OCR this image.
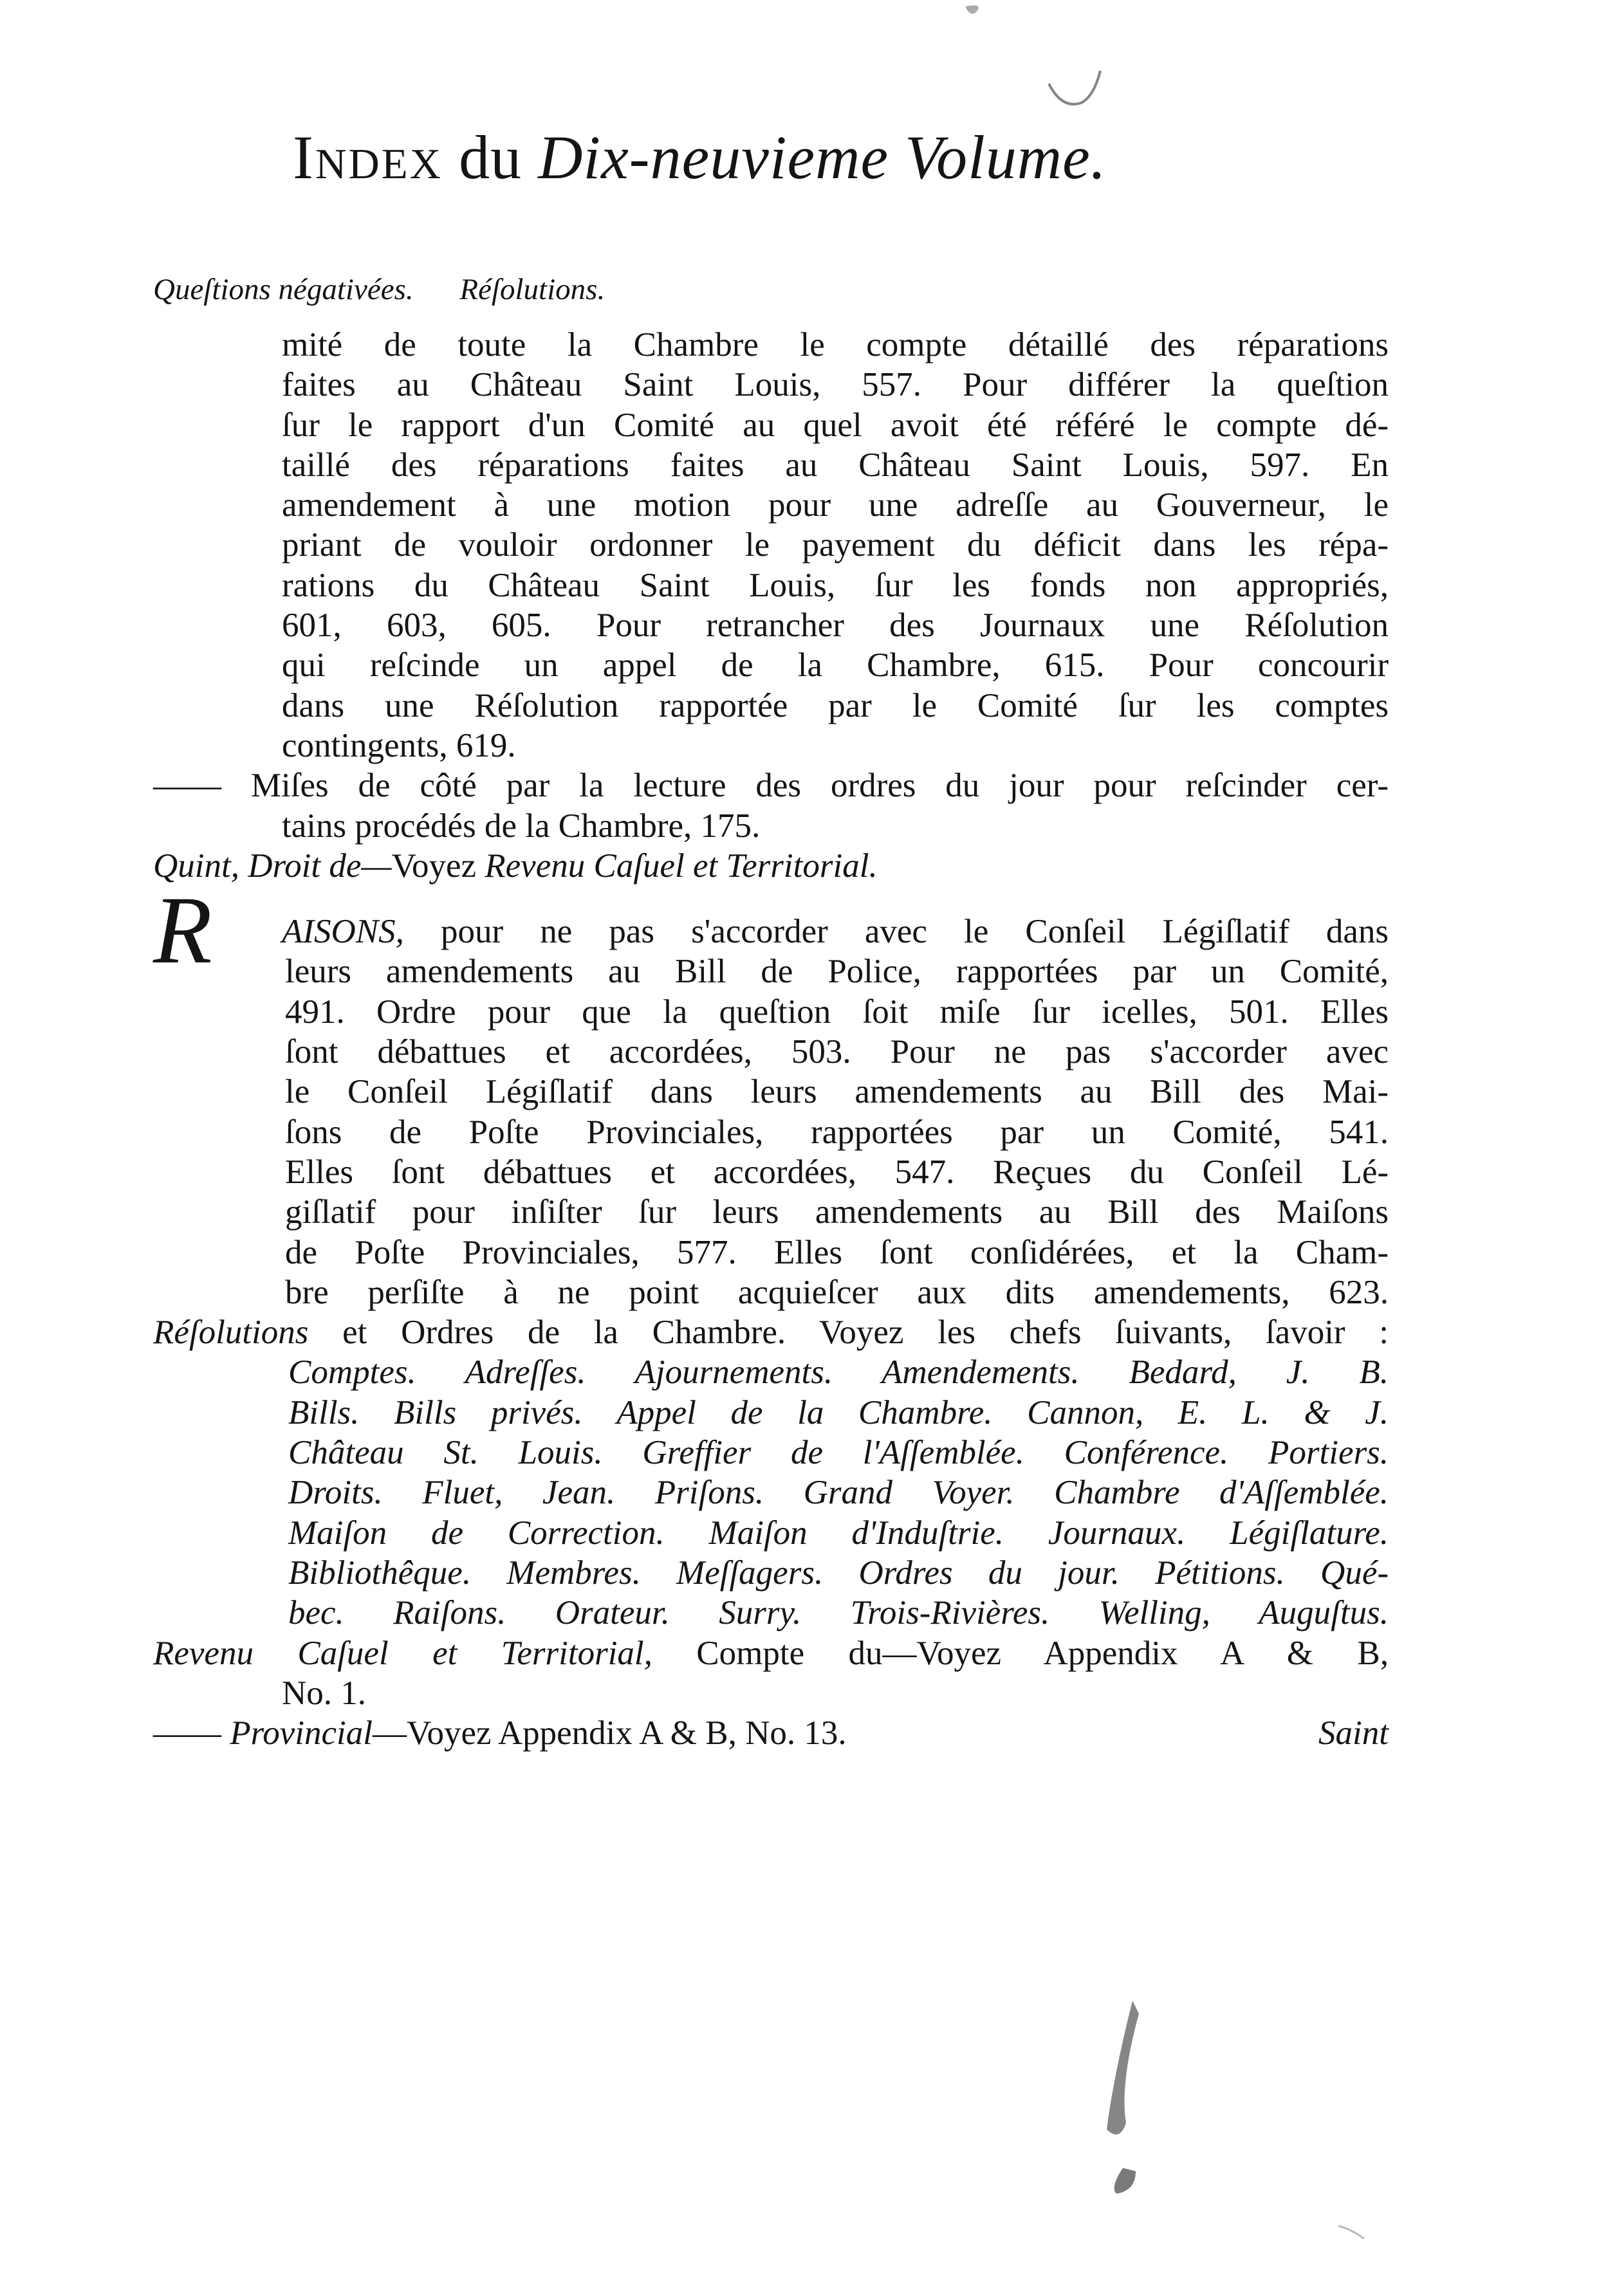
Index du Dix-neuvieme Volume.
Queſtions négativées. Réſolutions.
mité de toute la Chambre le compte détaillé des réparations
faites au Château Saint Louis, 557. Pour différer la queſtion
ſur le rapport d'un Comité au quel avoit été référé le compte dé-
taillé des réparations faites au Château Saint Louis, 597. En
amendement à une motion pour une adreſſe au Gouverneur, le
priant de vouloir ordonner le payement du déficit dans les répa-
rations du Château Saint Louis, ſur les fonds non appropriés,
601, 603, 605. Pour retrancher des Journaux une Réſolution
qui reſcinde un appel de la Chambre, 615. Pour concourir
dans une Réſolution rapportée par le Comité ſur les comptes
contingents, 619.
—— Miſes de côté par la lecture des ordres du jour pour reſcinder cer-
tains procédés de la Chambre, 175.
Quint, Droit de—Voyez Revenu Caſuel et Territorial.
R AISONS, pour ne pas s'accorder avec le Conſeil Légiſlatif dans
leurs amendements au Bill de Police, rapportées par un Comité,
491. Ordre pour que la queſtion ſoit miſe ſur icelles, 501. Elles
ſont débattues et accordées, 503. Pour ne pas s'accorder avec
le Conſeil Légiſlatif dans leurs amendements au Bill des Mai-
ſons de Poſte Provinciales, rapportées par un Comité, 541.
Elles ſont débattues et accordées, 547. Reçues du Conſeil Lé-
giſlatif pour inſiſter ſur leurs amendements au Bill des Maiſons
de Poſte Provinciales, 577. Elles ſont conſidérées, et la Cham-
bre perſiſte à ne point acquieſcer aux dits amendements, 623.
Réſolutions et Ordres de la Chambre. Voyez les chefs ſuivants, ſavoir :
Comptes. Adreſſes. Ajournements. Amendements. Bedard, J. B.
Bills. Bills privés. Appel de la Chambre. Cannon, E. L. & J.
Château St. Louis. Greffier de l'Aſſemblée. Conférence. Portiers.
Droits. Fluet, Jean. Priſons. Grand Voyer. Chambre d'Aſſemblée.
Maiſon de Correction. Maiſon d'Induſtrie. Journaux. Légiſlature.
Bibliothêque. Membres. Meſſagers. Ordres du jour. Pétitions. Qué-
bec. Raiſons. Orateur. Surry. Trois-Rivières. Welling, Auguſtus.
Revenu Caſuel et Territorial, Compte du—Voyez Appendix A & B,
No. 1.
—— Provincial—Voyez Appendix A & B, No. 13.	Saint
